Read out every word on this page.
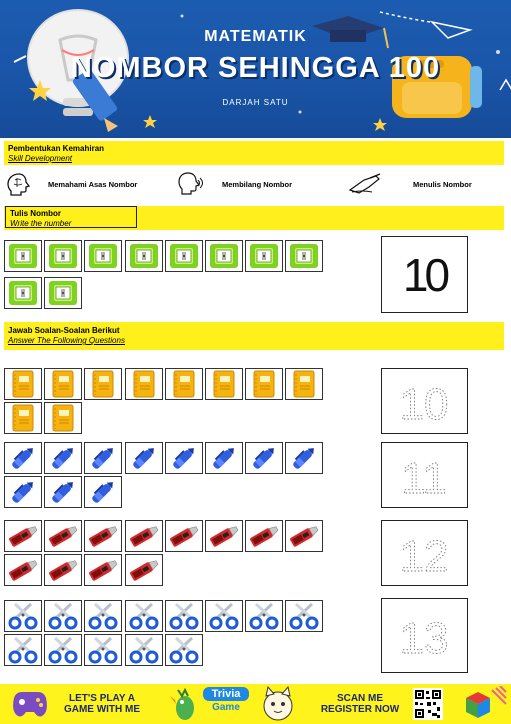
MATEMATIK
NOMBOR SEHINGGA 100
DARJAH SATU
Pembentukan Kemahiran
Skill Development
Memahami Asas Nombor	Membilang Nombor	Menulis Nombor
Tulis Nombor
Write the number
10
Jawab Soalan-Soalan Berikut
Answer The Following Questions
10
11
12
13
LET'S PLAY A
GAME WITH ME
Trivia
Game
SCAN ME
REGISTER NOW
